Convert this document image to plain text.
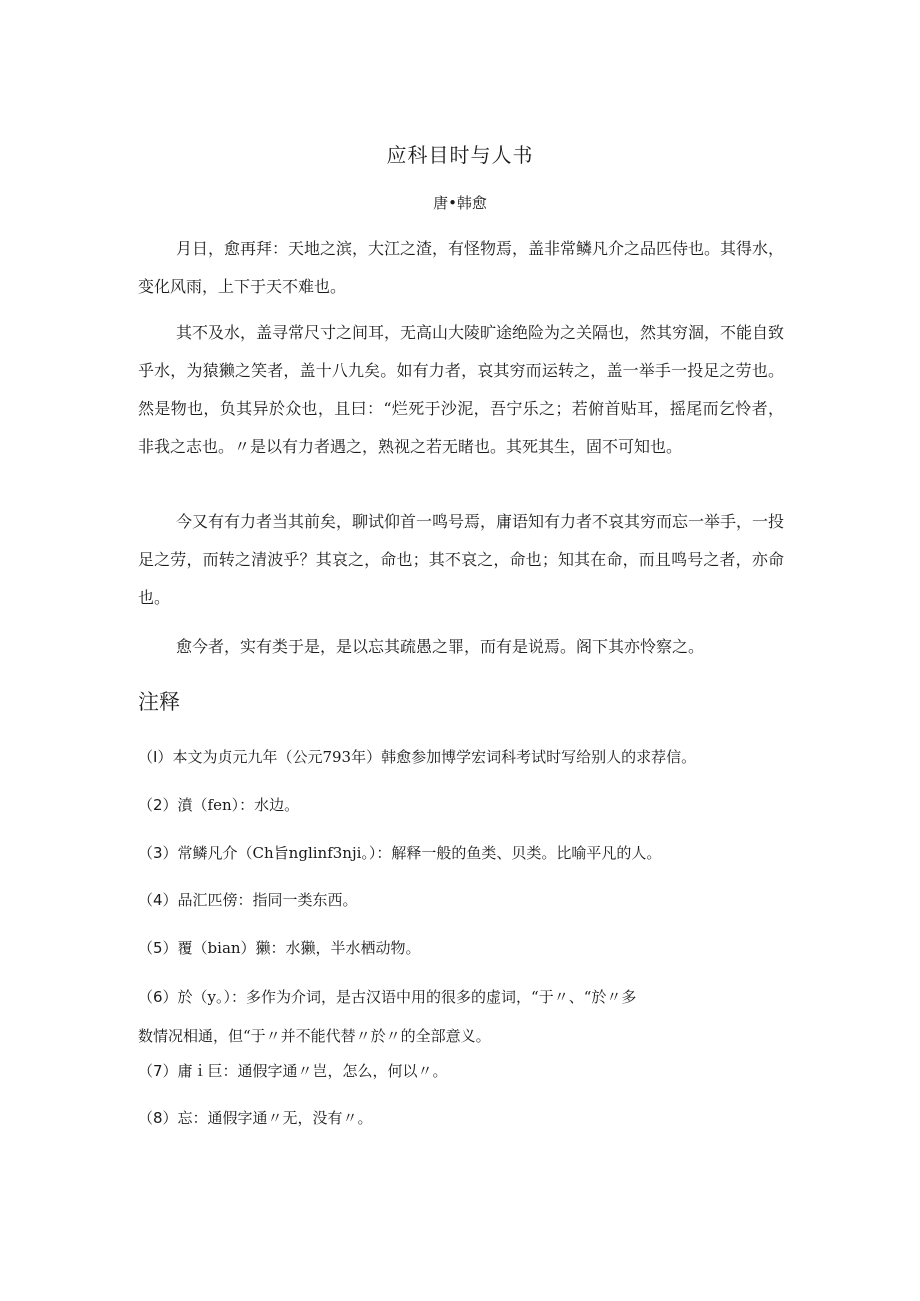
应科目时与人书
唐•韩愈

月日，愈再拜：天地之滨，大江之渣，有怪物焉，盖非常鳞凡介之品匹侍也。其得水，变化风雨，上下于天不难也。

其不及水，盖寻常尺寸之间耳，无高山大陵旷途绝险为之关隔也，然其穷涸，不能自致乎水，为猿獭之笑者，盖十八九矣。如有力者，哀其穷而运转之，盖一举手一投足之劳也。然是物也，负其异於众也，且曰：“烂死于沙泥，吾宁乐之；若俯首贴耳，摇尾而乞怜者，非我之志也。〃是以有力者遇之，熟视之若无睹也。其死其生，固不可知也。

今又有有力者当其前矣，聊试仰首一鸣号焉，庸语知有力者不哀其穷而忘一举手，一投足之劳，而转之清波乎？其哀之，命也；其不哀之，命也；知其在命，而且鸣号之者，亦命也。

愈今者，实有类于是，是以忘其疏愚之罪，而有是说焉。阁下其亦怜察之。

注释

（I）本文为贞元九年（公元793年）韩愈参加博学宏词科考试时写给别人的求荐信。

（2）濆（fen）：水边。

（3）常鳞凡介（Ch旨nglinf3nji。）：解释一般的鱼类、贝类。比喻平凡的人。

（4）品汇匹傍：指同一类东西。

（5）覆（bian）獭：水獭，半水栖动物。

（6）於（y。）：多作为介词，是古汉语中用的很多的虚词，“于〃、“於〃多

数情况相通，但“于〃并不能代替〃於〃的全部意义。

（7）庸ｉ巨：通假字通〃岂，怎么，何以〃。

（8）忘：通假字通〃无，没有〃。
